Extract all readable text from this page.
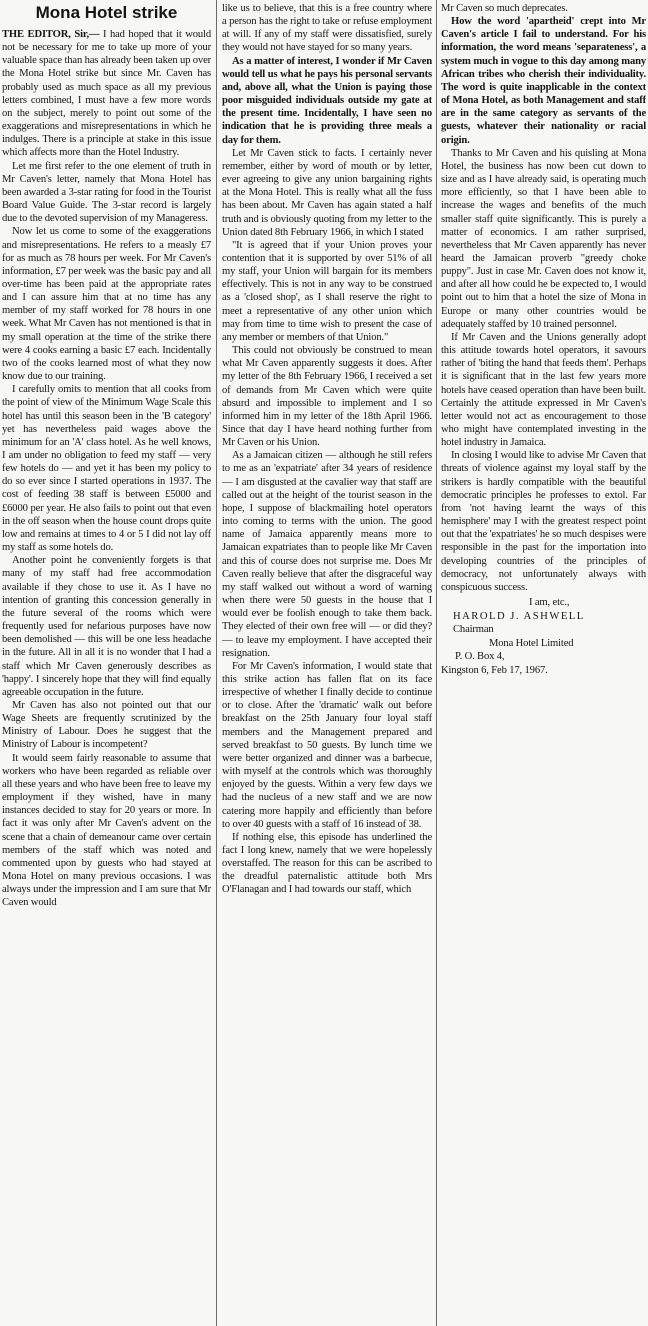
Mona Hotel strike

THE EDITOR, Sir,— I had hoped that it would not be necessary for me to take up more of your valuable space than has already been taken up over the Mona Hotel strike but since Mr. Caven has probably used as much space as all my previous letters combined, I must have a few more words on the subject, merely to point out some of the exaggerations and misrepresentations in which he indulges. There is a principle at stake in this issue which affects more than the Hotel Industry.

Let me first refer to the one element of truth in Mr Caven's letter, namely that Mona Hotel has been awarded a 3-star rating for food in the Tourist Board Value Guide. The 3-star record is largely due to the devoted supervision of my Manageress.

Now let us come to some of the exaggerations and misrepresentations. He refers to a measly £7 for as much as 78 hours per week. For Mr Caven's information, £7 per week was the basic pay and all over-time has been paid at the appropriate rates and I can assure him that at no time has any member of my staff worked for 78 hours in one week. What Mr Caven has not mentioned is that in my small operation at the time of the strike there were 4 cooks earning a basic £7 each. Incidentally two of the cooks learned most of what they now know due to our training.

I carefully omits to mention that all cooks from the point of view of the Minimum Wage Scale this hotel has until this season been in the 'B category' yet has nevertheless paid wages above the minimum for an 'A' class hotel. As he well knows, I am under no obligation to feed my staff — very few hotels do — and yet it has been my policy to do so ever since I started operations in 1937. The cost of feeding 38 staff is between £5000 and £6000 per year. He also fails to point out that even in the off season when the house count drops quite low and remains at times to 4 or 5 I did not lay off my staff as some hotels do.

Another point he conveniently forgets is that many of my staff had free accommodation available if they chose to use it. As I have no intention of granting this concession generally in the future several of the rooms which were frequently used for nefarious purposes have now been demolished — this will be one less headache in the future. All in all it is no wonder that I had a staff which Mr Caven generously describes as 'happy'. I sincerely hope that they will find equally agreeable occupation in the future.

Mr Caven has also not pointed out that our Wage Sheets are frequently scrutinized by the Ministry of Labour. Does he suggest that the Ministry of Labour is incompetent?

It would seem fairly reasonable to assume that workers who have been regarded as reliable over all these years and who have been free to leave my employment if they wished, have in many instances decided to stay for 20 years or more. In fact it was only after Mr Caven's advent on the scene that a chain of demeanour came over certain members of the staff which was noted and commented upon by guests who had stayed at Mona Hotel on many previous occasions. I was always under the impression and I am sure that Mr Caven would

like us to believe, that this is a free country where a person has the right to take or refuse employment at will. If any of my staff were dissatisfied, surely they would not have stayed for so many years.

As a matter of interest, I wonder if Mr Caven would tell us what he pays his personal servants and, above all, what the Union is paying those poor misguided individuals outside my gate at the present time. Incidentally, I have seen no indication that he is providing three meals a day for them.

Let Mr Caven stick to facts. I certainly never remember, either by word of mouth or by letter, ever agreeing to give any union bargaining rights at the Mona Hotel. This is really what all the fuss has been about. Mr Caven has again stated a half truth and is obviously quoting from my letter to the Union dated 8th February 1966, in which I stated

"It is agreed that if your Union proves your contention that it is supported by over 51% of all my staff, your Union will bargain for its members effectively. This is not in any way to be construed as a 'closed shop', as I shall reserve the right to meet a representative of any other union which may from time to time wish to present the case of any member or members of that Union."

This could not obviously be construed to mean what Mr Caven apparently suggests it does. After my letter of the 8th February 1966, I received a set of demands from Mr Caven which were quite absurd and impossible to implement and I so informed him in my letter of the 18th April 1966. Since that day I have heard nothing further from Mr Caven or his Union.

As a Jamaican citizen — although he still refers to me as an 'expatriate' after 34 years of residence — I am disgusted at the cavalier way that staff are called out at the height of the tourist season in the hope, I suppose of blackmailing hotel operators into coming to terms with the union. The good name of Jamaica apparently means more to Jamaican expatriates than to people like Mr Caven and this of course does not surprise me. Does Mr Caven really believe that after the disgraceful way my staff walked out without a word of warning when there were 50 guests in the house that I would ever be foolish enough to take them back. They elected of their own free will — or did they? — to leave my employment. I have accepted their resignation.

For Mr Caven's information, I would state that this strike action has fallen flat on its face irrespective of whether I finally decide to continue or to close. After the 'dramatic' walk out before breakfast on the 25th January four loyal staff members and the Management prepared and served breakfast to 50 guests. By lunch time we were better organized and dinner was a barbecue, with myself at the controls which was thoroughly enjoyed by the guests. Within a very few days we had the nucleus of a new staff and we are now catering more happily and efficiently than before to over 40 guests with a staff of 16 instead of 38.

If nothing else, this episode has underlined the fact I long knew, namely that we were hopelessly overstaffed. The reason for this can be ascribed to the dreadful paternalistic attitude both Mrs O'Flanagan and I had towards our staff, which

Mr Caven so much deprecates.

How the word 'apartheid' crept into Mr Caven's article I fail to understand. For his information, the word means 'separateness', a system much in vogue to this day among many African tribes who cherish their individuality. The word is quite inapplicable in the context of Mona Hotel, as both Management and staff are in the same category as servants of the guests, whatever their nationality or racial origin.

Thanks to Mr Caven and his quisling at Mona Hotel, the business has now been cut down to size and as I have already said, is operating much more efficiently, so that I have been able to increase the wages and benefits of the much smaller staff quite significantly. This is purely a matter of economics. I am rather surprised, nevertheless that Mr Caven apparently has never heard the Jamaican proverb "greedy choke puppy". Just in case Mr. Caven does not know it, and after all how could he be expected to, I would point out to him that a hotel the size of Mona in Europe or many other countries would be adequately staffed by 10 trained personnel.

If Mr Caven and the Unions generally adopt this attitude towards hotel operators, it savours rather of 'biting the hand that feeds them'. Perhaps it is significant that in the last few years more hotels have ceased operation than have been built. Certainly the attitude expressed in Mr Caven's letter would not act as encouragement to those who might have contemplated investing in the hotel industry in Jamaica.

In closing I would like to advise Mr Caven that threats of violence against my loyal staff by the strikers is hardly compatible with the beautiful democratic principles he professes to extol. Far from 'not having learnt the ways of this hemisphere' may I with the greatest respect point out that the 'expatriates' he so much despises were responsible in the past for the importation into developing countries of the principles of democracy, not unfortunately always with conspicuous success.

I am, etc.,
HAROLD J. ASHWELL
Chairman
Mona Hotel Limited
P. O. Box 4,
Kingston 6, Feb 17, 1967.
